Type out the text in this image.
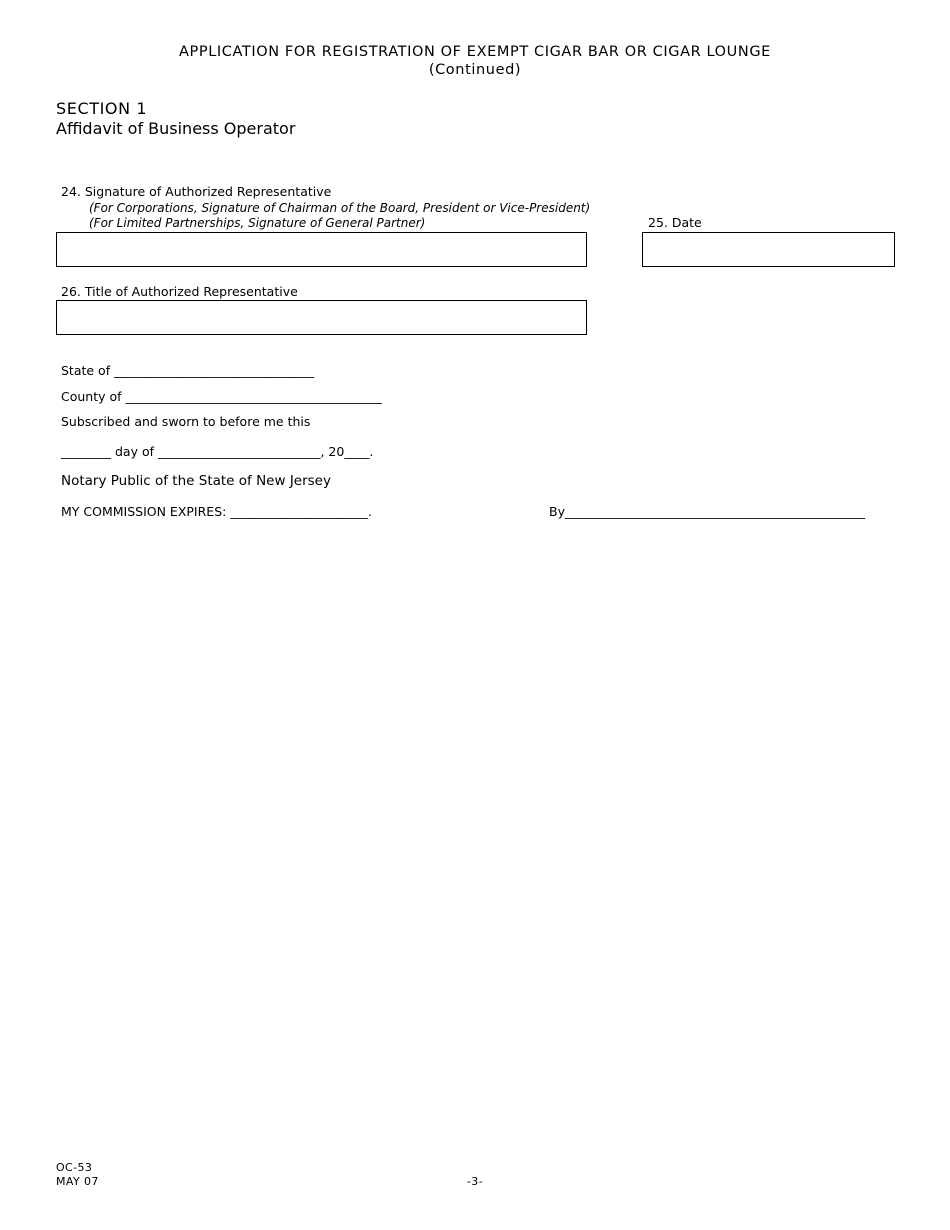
APPLICATION FOR REGISTRATION OF EXEMPT CIGAR BAR OR CIGAR LOUNGE
(Continued)
SECTION 1
Affidavit of Business Operator
24. Signature of Authorized Representative
(For Corporations, Signature of Chairman of the Board, President or Vice-President)
(For Limited Partnerships, Signature of General Partner)	25. Date
26. Title of Authorized Representative
State of ________________________________
County of _________________________________________
Subscribed and sworn to before me this
________ day of __________________________, 20____.
Notary Public of the State of New Jersey
MY COMMISSION EXPIRES: ______________________.	By________________________________________________
OC-53
MAY 07	-3-
